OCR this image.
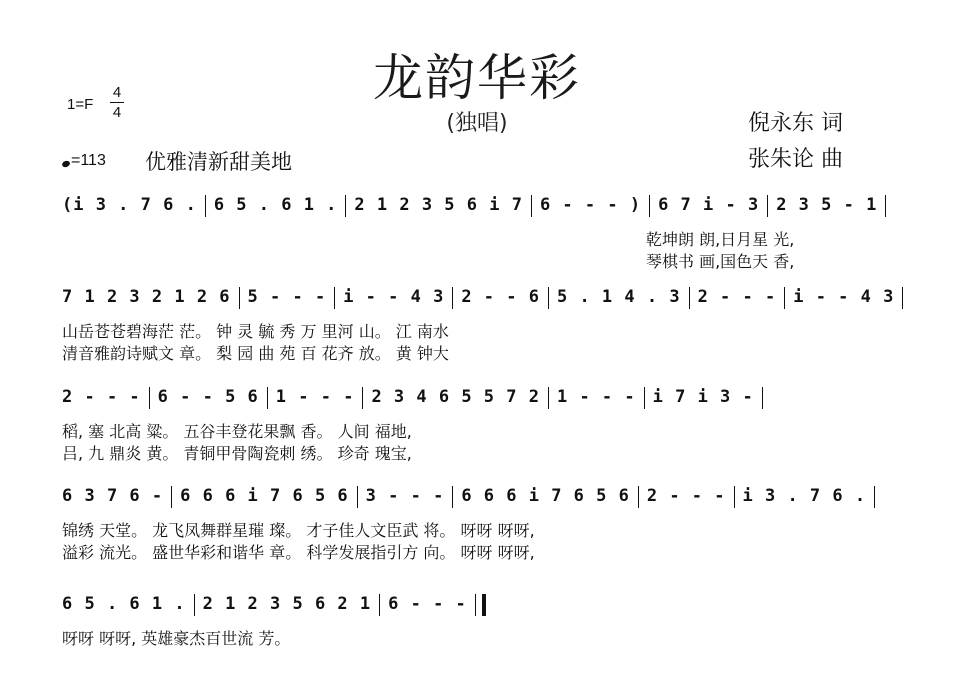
龙韵华彩
(独唱)
1=F
4
4
=113 优雅清新甜美地
倪永东 词
张朱论 曲
(i 3 . 7 6 . 6 5 . 6 1 . 2 1 2 3 5 6 i 7 6 - - - ) 6 7 i - 3 2 3 5 - 1
乾坤朗 朗,日月星 光,
琴棋书 画,国色天 香,
7 1 2 3 2 1 2 6 5 - - - i - - 4 3 2 - - 6 5 . 1 4 . 3 2 - - - i - - 4 3
山岳苍苍碧海茫 茫。 钟 灵 毓 秀 万 里河 山。 江 南水
清音雅韵诗赋文 章。 梨 园 曲 苑 百 花齐 放。 黄 钟大
2 - - - 6 - - 5 6 1 - - - 2 3 4 6 5 5 7 2 1 - - - i 7 i 3 -
稻, 塞 北高 粱。 五谷丰登花果飘 香。 人间 福地,
吕, 九 鼎炎 黄。 青铜甲骨陶瓷刺 绣。 珍奇 瑰宝,
6 3 7 6 - 6 6 6 i 7 6 5 6 3 - - - 6 6 6 i 7 6 5 6 2 - - - i 3 . 7 6 .
锦绣 天堂。 龙飞凤舞群星璀 璨。 才子佳人文臣武 将。 呀呀 呀呀,
溢彩 流光。 盛世华彩和谐华 章。 科学发展指引方 向。 呀呀 呀呀,
6 5 . 6 1 . 2 1 2 3 5 6 2 1 6 - - -
呀呀 呀呀, 英雄豪杰百世流 芳。
